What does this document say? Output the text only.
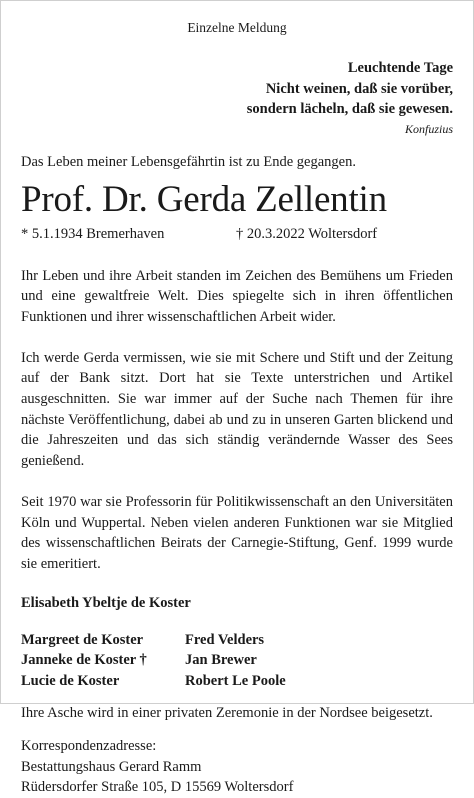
Einzelne Meldung
Leuchtende Tage
Nicht weinen, daß sie vorüber,
sondern lächeln, daß sie gewesen.
Konfuzius
Das Leben meiner Lebensgefährtin ist zu Ende gegangen.
Prof. Dr. Gerda Zellentin
* 5.1.1934 Bremerhaven	† 20.3.2022 Woltersdorf

Ihr Leben und ihre Arbeit standen im Zeichen des Bemühens um Frieden und eine gewaltfreie Welt. Dies spiegelte sich in ihren öffentlichen Funktionen und ihrer wissenschaftlichen Arbeit wider.

Ich werde Gerda vermissen, wie sie mit Schere und Stift und der Zeitung auf der Bank sitzt. Dort hat sie Texte unterstrichen und Artikel ausgeschnitten. Sie war immer auf der Suche nach Themen für ihre nächste Veröffentlichung, dabei ab und zu in unseren Garten blickend und die Jahreszeiten und das sich ständig verändernde Wasser des Sees genießend.

Seit 1970 war sie Professorin für Politikwissenschaft an den Universitäten Köln und Wuppertal. Neben vielen anderen Funktionen war sie Mitglied des wissenschaftlichen Beirats der Carnegie-Stiftung, Genf. 1999 wurde sie emeritiert.

Elisabeth Ybeltje de Koster
Margreet de Koster	Fred Velders
Janneke de Koster †	Jan Brewer
Lucie de Koster	Robert Le Poole
Ihre Asche wird in einer privaten Zeremonie in der Nordsee beigesetzt.
Korrespondenzadresse:
Bestattungshaus Gerard Ramm
Rüdersdorfer Straße 105, D 15569 Woltersdorf
